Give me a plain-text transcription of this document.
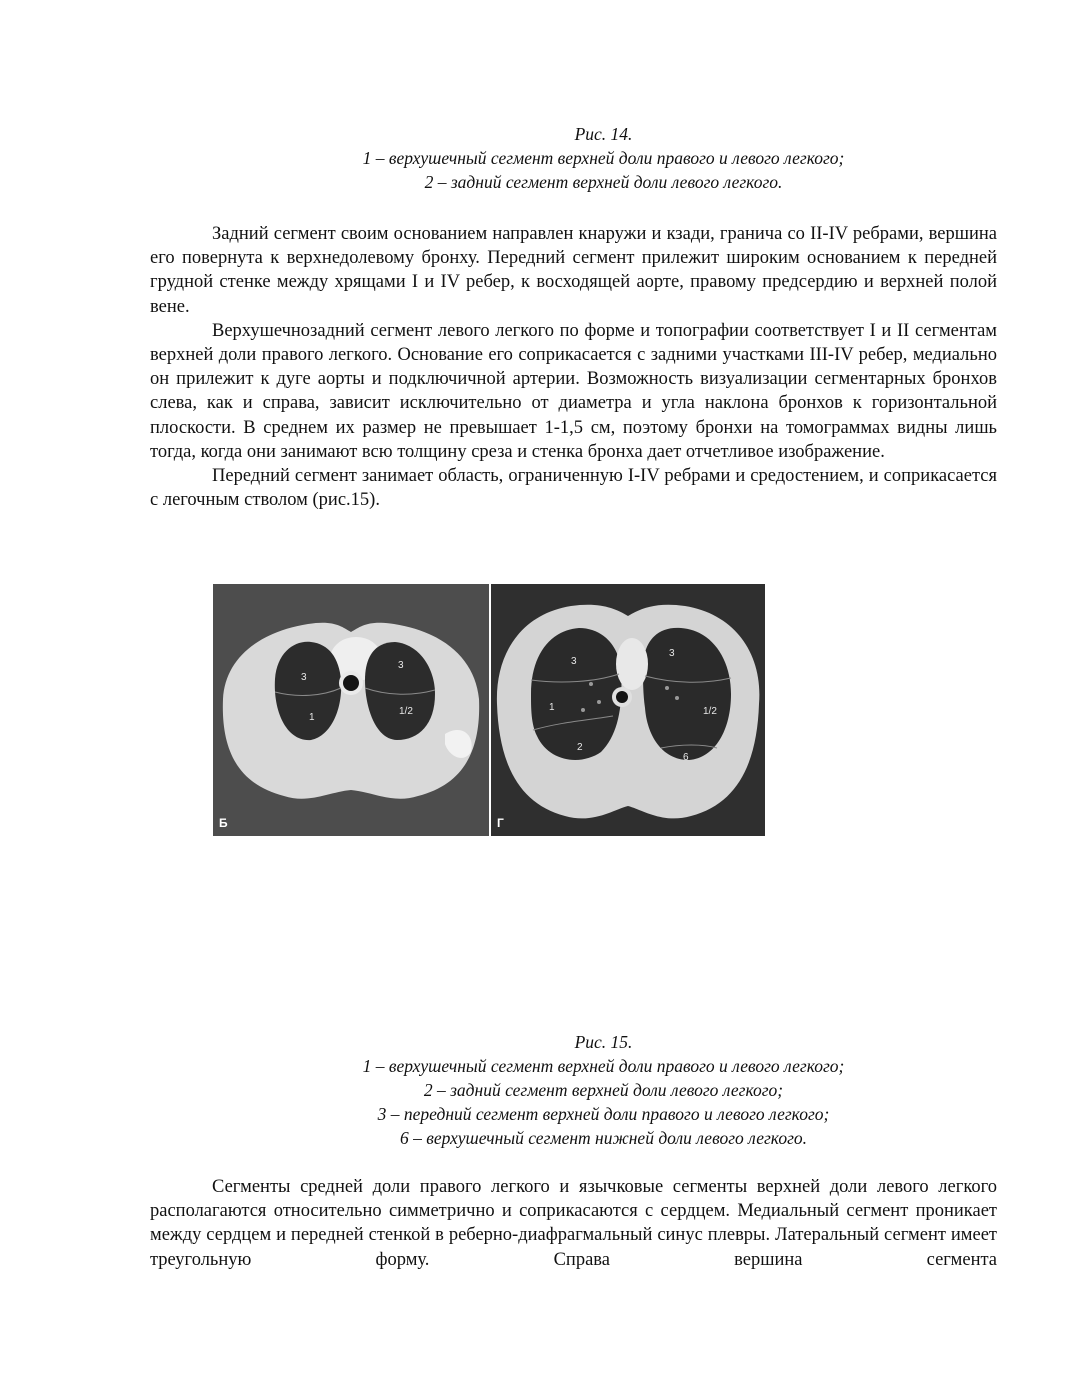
Рис. 14.
1 – верхушечный сегмент верхней доли правого и левого легкого;
2 – задний сегмент верхней доли левого легкого.

Задний сегмент своим основанием направлен кнаружи и кзади, гранича со II-IV ребрами, вершина его повернута к верхнедолевому бронху. Передний сегмент прилежит широким основанием к передней грудной стенке между хрящами I и IV ребер, к восходящей аорте, правому предсердию и верхней полой вене.

Верхушечнозадний сегмент левого легкого по форме и топографии соответствует I и II сегментам верхней доли правого легкого. Основание его соприкасается с задними участками III-IV ребер, медиально он прилежит к дуге аорты и подключичной артерии. Возможность визуализации сегментарных бронхов слева, как и справа, зависит исключительно от диаметра и угла наклона бронхов к горизонтальной плоскости. В среднем их размер не превышает 1-1,5 см, поэтому бронхи на томограммах видны лишь тогда, когда они занимают всю толщину среза и стенка бронха дает отчетливое изображение.

Передний сегмент занимает область, ограниченную I-IV ребрами и средостением, и соприкасается с легочным стволом (рис.15).

3
3
1
1/2
Б
3
3
1
2
1/2
6
Г
Рис. 15.
1 – верхушечный сегмент верхней доли правого и левого легкого;
2 – задний сегмент верхней доли левого легкого;
3 – передний сегмент верхней доли правого и левого легкого;
6 – верхушечный сегмент нижней доли левого легкого.

Сегменты средней доли правого легкого и язычковые сегменты верхней доли левого легкого располагаются относительно симметрично и соприкасаются с сердцем. Медиальный сегмент проникает между сердцем и передней стенкой в реберно-диафрагмальный синус плевры. Латеральный сегмент имеет треугольную форму. Справа вершина сегмента
